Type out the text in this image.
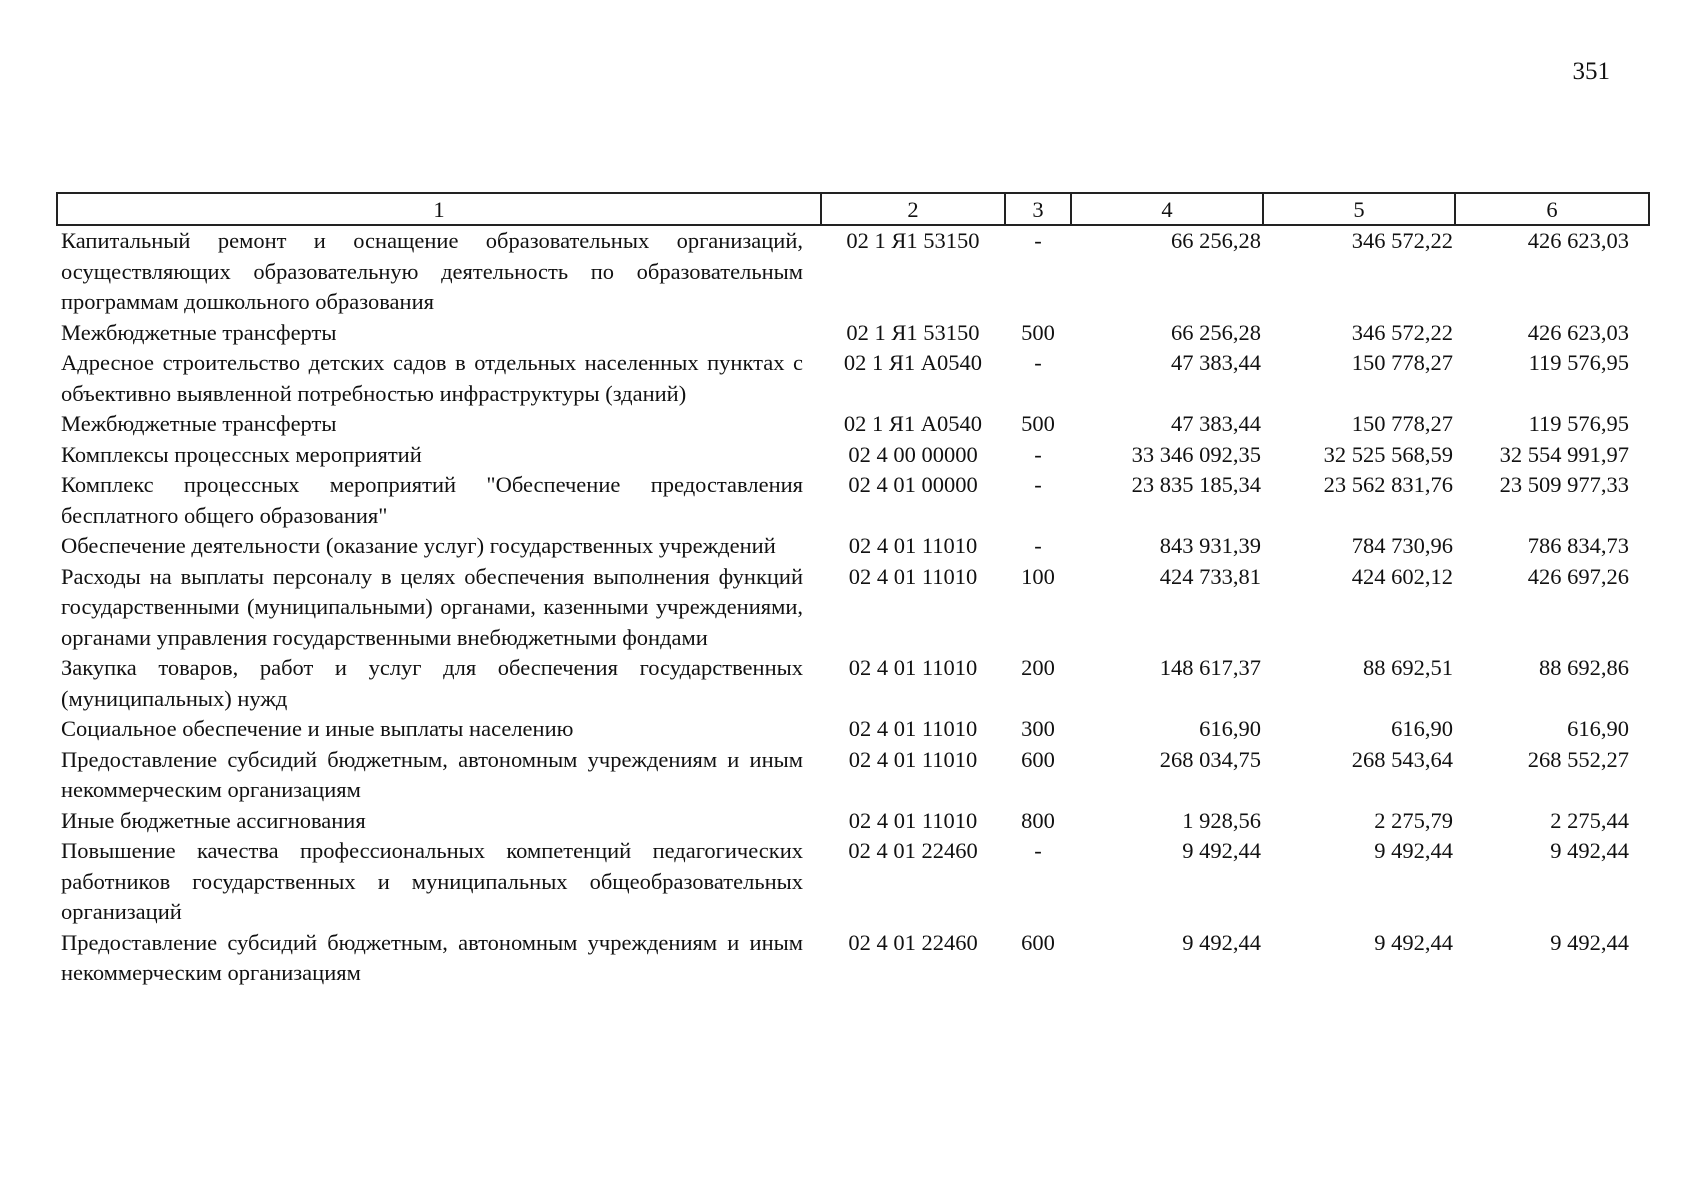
351
1	2	3	4	5	6
Капитальный ремонт и оснащение образовательных организаций, осуществляющих образовательную деятельность по образовательным программам дошкольного образования	02 1 Я1 53150	-	66 256,28	346 572,22	426 623,03
Межбюджетные трансферты	02 1 Я1 53150	500	66 256,28	346 572,22	426 623,03
Адресное строительство детских садов в отдельных населенных пунктах с объективно выявленной потребностью инфраструктуры (зданий)	02 1 Я1 А0540	-	47 383,44	150 778,27	119 576,95
Межбюджетные трансферты	02 1 Я1 А0540	500	47 383,44	150 778,27	119 576,95
Комплексы процессных мероприятий	02 4 00 00000	-	33 346 092,35	32 525 568,59	32 554 991,97
Комплекс процессных мероприятий "Обеспечение предоставления бесплатного общего образования"	02 4 01 00000	-	23 835 185,34	23 562 831,76	23 509 977,33
Обеспечение деятельности (оказание услуг) государственных учреждений	02 4 01 11010	-	843 931,39	784 730,96	786 834,73
Расходы на выплаты персоналу в целях обеспечения выполнения функций государственными (муниципальными) органами, казенными учреждениями, органами управления государственными внебюджетными фондами	02 4 01 11010	100	424 733,81	424 602,12	426 697,26
Закупка товаров, работ и услуг для обеспечения государственных (муниципальных) нужд	02 4 01 11010	200	148 617,37	88 692,51	88 692,86
Социальное обеспечение и иные выплаты населению	02 4 01 11010	300	616,90	616,90	616,90
Предоставление субсидий бюджетным, автономным учреждениям и иным некоммерческим организациям	02 4 01 11010	600	268 034,75	268 543,64	268 552,27
Иные бюджетные ассигнования	02 4 01 11010	800	1 928,56	2 275,79	2 275,44
Повышение качества профессиональных компетенций педагогических работников государственных и муниципальных общеобразовательных организаций	02 4 01 22460	-	9 492,44	9 492,44	9 492,44
Предоставление субсидий бюджетным, автономным учреждениям и иным некоммерческим организациям	02 4 01 22460	600	9 492,44	9 492,44	9 492,44
